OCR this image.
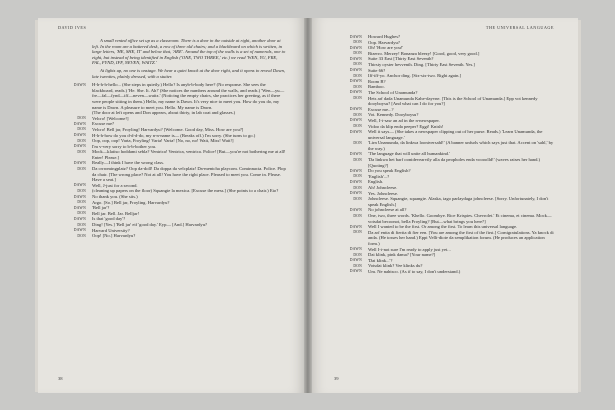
DAVID IVES

A small rented office set up as a classroom. There is a door in the outside at right, another door at left. In the room are a battered desk, a row of three old chairs; and a blackboard on which is written, in large letters, 'HE, SHE, IT' and below that, 'ARE'. Around the top of the walls is a set of numerals, one to eight, but instead of being identified in English ('ONE, TWO THREE,' etc.) we read 'WEN, YU, FRE, FAL, FYND, IFF, NEVEN, WAITZ.'

At lights up, no one is onstage. We hear a quiet knock at the door right, and it opens to reveal Dawn, late twenties, plainly dressed, with a stutter.

DAWN H-h-h-h-hello... (She steps in quietly.) Hello? Is anyb-b-body here? (No response. She sees the blackboard, reads.) 'He. She. It. Ah!' (She notices the numbers around the walls, and reads.) 'Wen—yu—fre—fal—fynd—iff—neven—waitz.' (Noticing the empty chairs, she practices her greeting, as if there were people sitting in them.) Hello, my name is Dawn. It's very nice to meet you. How do you do, my name is Dawn. A pleasure to meet you. Hello. My name is Dawn.
(The door at left opens and Don appears, about thirty, in lab coat and glasses.)
DON Velcro! [Welcome!]
DAWN Excuse me?
DON Velcro! Bell jar, Froyling! Harvardyu? [Welcome. Good day, Miss. How are you?]
DAWN H-h-h-how do you d-d-d-do, my n-n-name is— (Breaks off.) I'm sorry. (She turns to go.)
DON Oop, oop, oop! Varta, Froyling! Varta! Varta! [No, no, no! Wait, Miss! Wait!]
DAWN I'm v-very sorry to b-b-bother you.
DON Mock—klatiso hoddami sebla? Ventrica! Ventrica, ventrica. Police! [But—you're not bothering me at all! Enter! Please.]
DAWN Really—I think I have the wrong class.
DON Da crrromingplatz? Oop da-doll! Da doppa da velcplatz! Da-mentcha playcom. Cominnacta. Police. Plop da chair. [The wrong place? Not at all! You have the right place. Pleased to meet you. Come in. Please. Have a seat.]
DAWN Well, J-just for a second.
DON (cleaning up papers on the floor) Squangie la mexica. [Excuse the mess.] (She points to a chair.) Eto?
DAWN No thank you. (She sits.)
DON Argo. [So.] Bell jar, Froyling. Harvardyu?
DAWN 'Bell jar'?
DON Bell jar. Bell. Jar. Belljar!
DAWN Is that 'good day'?
DON Ding! [Yes.] 'Bell jar' eif 'good day.' Eyp— [And.] Harvardyu?
DAWN Harvard University?
DON Oop! [No.] Harvardyu?
38
THE UNIVERSAL LANGUAGE
DAWN Howard Hughes?
DON Oop. Harvardyu?
DAWN Oh! 'How are you!'
DON Bizerro. Merzey! Bonanza bleezy! [Good, good, very good.]
DAWN Suite 33 East [Thirty East Seventh?
DON Thirsty oyster hevventh. Ding. [Thirty East Seventh. Yes.]
DAWN Suite 66?
DON Iff-iff-yo. Anchor ding. [Six-six-two. Right again.]
DAWN Room B?
DON Bamboo.
DAWN The School of Unamunda?
DON Hets arf dada Unamunda Kahe-dayvne. [This is the School of Unamunda.] Epp vot kennedy dooyboysu? [And what can I do for you?]
DAWN Excuse me...?
DON Vot. Kennedy. Dooyboysu?
DAWN Well, I-i-saw an ad in the n-newspaper.
DON Vidoo da klip enda peeper? Eggi! Knish!
DAWN Well it says— (She takes a newspaper clipping out of her purse. Reads.) 'Learn Unamunda, the universal language.'
DON 'Lirn Unamunda, da linkwa looniversahl!' (A banner unfurls which says just that. Accent on 'sahl,' by the way.)
DAWN 'The language that will unite all humankind.'
DON 'Da linkwa het barf oonidevearvily alla da peopholes enda voooolld!' (waves raises her hand.) [Quoting?]
DAWN Do you speak English?
DON 'English'...?
DAWN English.
DON Ah! Johncleese.
DAWN Yes. Johncleese.
DON Johncleese. Squangie, squangie. Alaska, iago parlaydaga johncleese. [Sorry. Unfortunately, I don't speak English.]
DAWN No johncleese at all?
DON One, two, three words. 'Khello. Goombye. Rice Krispies. Chevrolet.' Et cinema, et cinema. Mock—votsdat becoonot, bella Froyling? [But—what brings you here?]
DAWN Well I wanted to be the first. Or among the first. To learn this universal language.
DON Da arf entta di fiertta di fier een. [You are among the first of the first.] Cornigratulations. Ya knock di anda. (He tosses her hand.) Eppi Velli-diote da semplikation forum. (He produces an application form.)
DAWN Well I-i-not sure I'm ready to apply just yet...
DON Dai klink, pink dama? [Your name?]
DAWN 'Dai klink...'?
DON Votsdai klink? Vee klinks du?
DAWN Um. Ne nahtsco. (As if to say, I don't understand.)
39
